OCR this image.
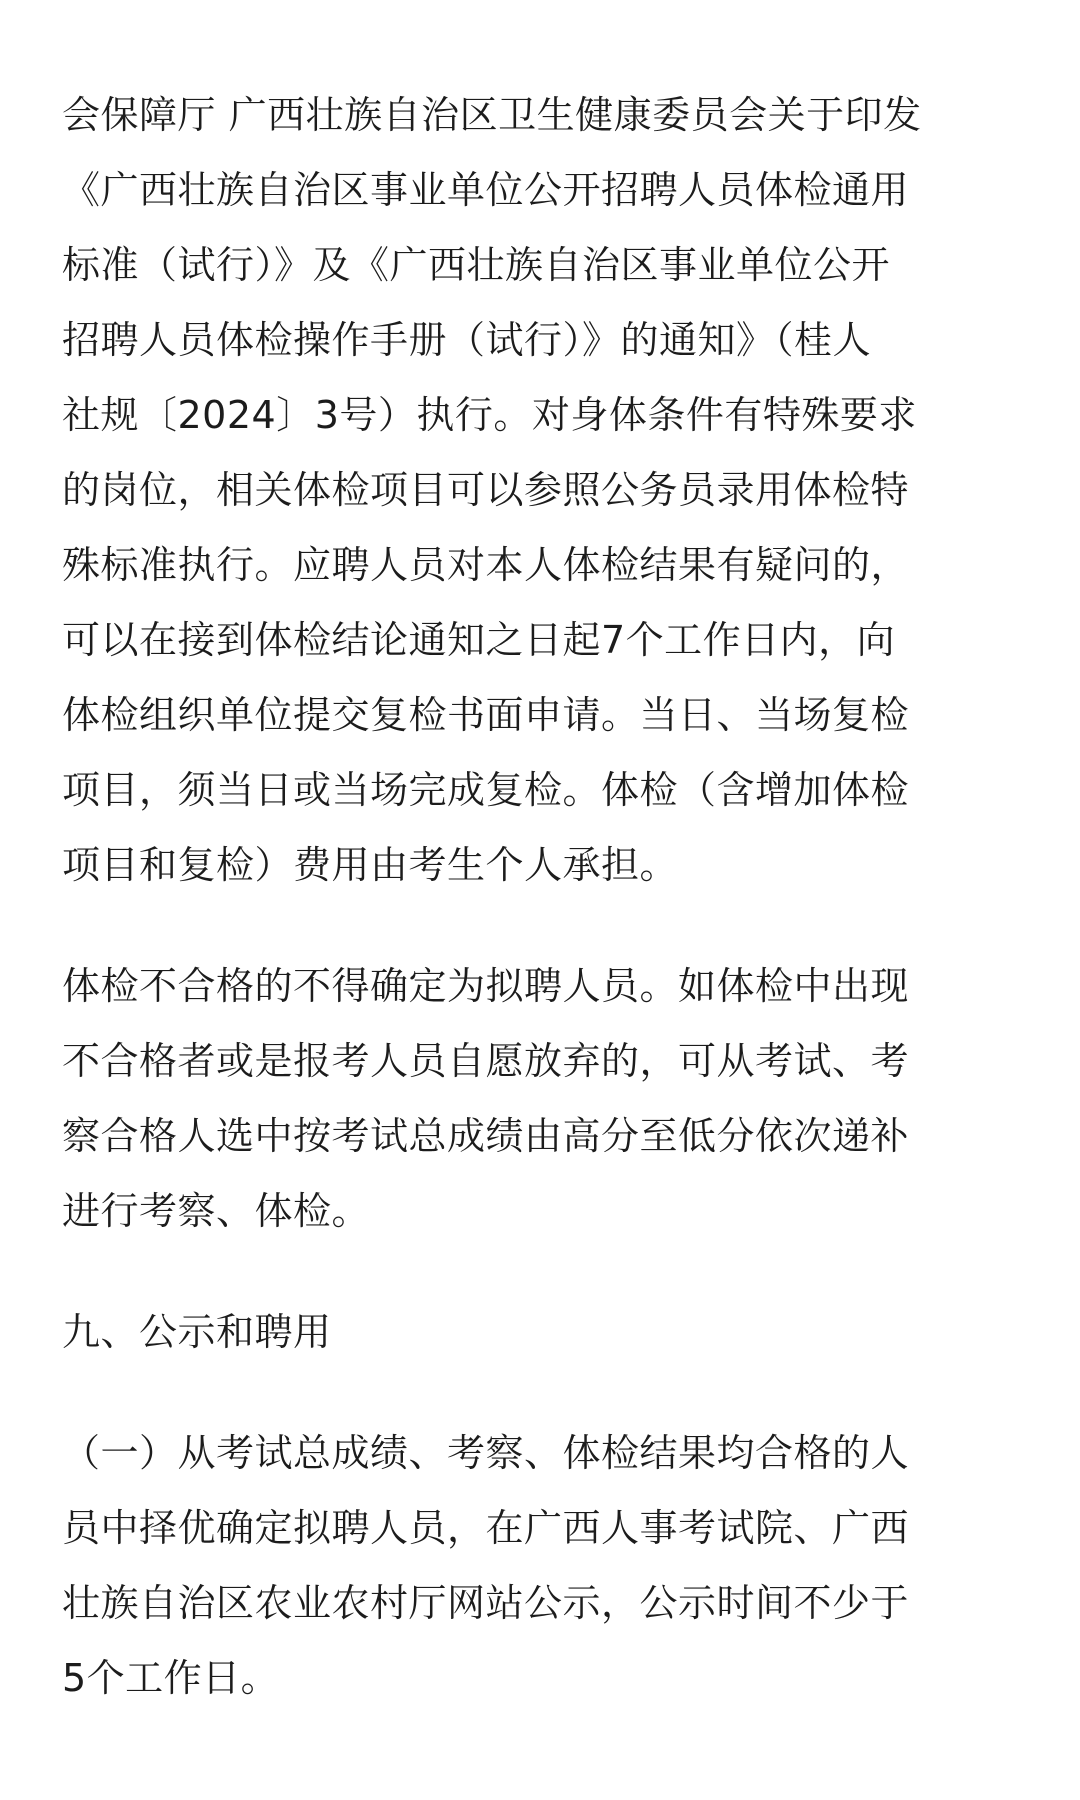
会保障厅 广西壮族自治区卫生健康委员会关于印发
《广西壮族自治区事业单位公开招聘人员体检通用
标准（试行）》及《广西壮族自治区事业单位公开
招聘人员体检操作手册（试行）》的通知》（桂人
社规〔2024〕3号）执行。对身体条件有特殊要求
的岗位，相关体检项目可以参照公务员录用体检特
殊标准执行。应聘人员对本人体检结果有疑问的，
可以在接到体检结论通知之日起7个工作日内，向
体检组织单位提交复检书面申请。当日、当场复检
项目，须当日或当场完成复检。体检（含增加体检
项目和复检）费用由考生个人承担。
体检不合格的不得确定为拟聘人员。如体检中出现
不合格者或是报考人员自愿放弃的，可从考试、考
察合格人选中按考试总成绩由高分至低分依次递补
进行考察、体检。
九、公示和聘用
（一）从考试总成绩、考察、体检结果均合格的人
员中择优确定拟聘人员，在广西人事考试院、广西
壮族自治区农业农村厅网站公示，公示时间不少于
5个工作日。
